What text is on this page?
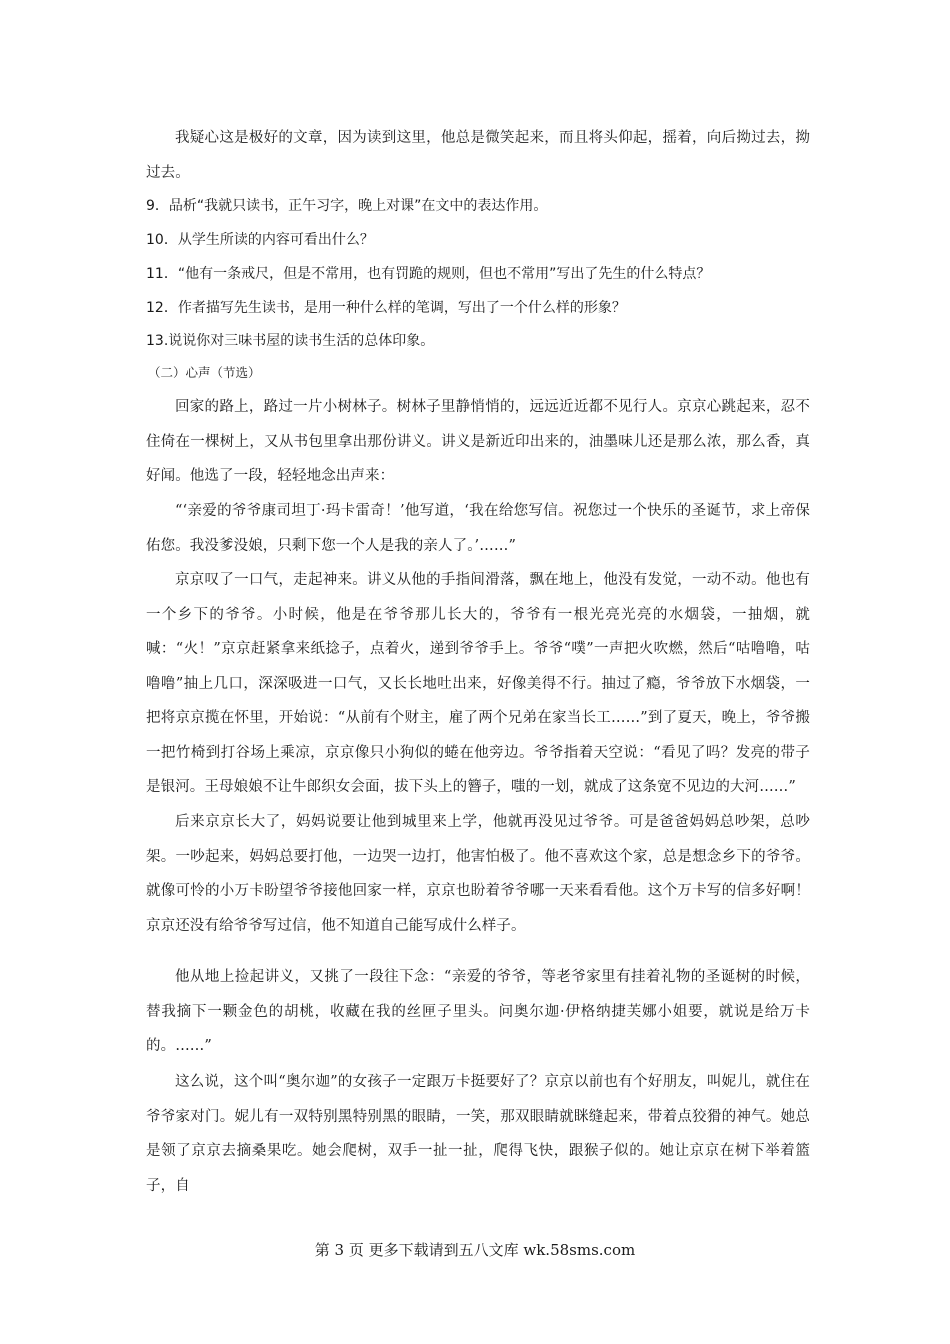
我疑心这是极好的文章，因为读到这里，他总是微笑起来，而且将头仰起，摇着，向后拗过去，拗过去。

9．品析“我就只读书，正午习字，晚上对课”在文中的表达作用。
10．从学生所读的内容可看出什么？
11．“他有一条戒尺，但是不常用，也有罚跪的规则，但也不常用”写出了先生的什么特点？
12．作者描写先生读书，是用一种什么样的笔调，写出了一个什么样的形象？
13.说说你对三味书屋的读书生活的总体印象。
（二）心声（节选）

回家的路上，路过一片小树林子。树林子里静悄悄的，远远近近都不见行人。京京心跳起来，忍不住倚在一棵树上，又从书包里拿出那份讲义。讲义是新近印出来的，油墨味儿还是那么浓，那么香，真好闻。他选了一段，轻轻地念出声来：

“‘亲爱的爷爷康司坦丁·玛卡雷奇！’他写道，‘我在给您写信。祝您过一个快乐的圣诞节，求上帝保佑您。我没爹没娘，只剩下您一个人是我的亲人了。’……”

京京叹了一口气，走起神来。讲义从他的手指间滑落，飘在地上，他没有发觉，一动不动。他也有一个乡下的爷爷。小时候，他是在爷爷那儿长大的，爷爷有一根光亮光亮的水烟袋，一抽烟，就喊：“火！”京京赶紧拿来纸捻子，点着火，递到爷爷手上。爷爷“噗”一声把火吹燃，然后“咕噜噜，咕噜噜”抽上几口，深深吸进一口气，又长长地吐出来，好像美得不行。抽过了瘾，爷爷放下水烟袋，一把将京京揽在怀里，开始说：“从前有个财主，雇了两个兄弟在家当长工……”到了夏天，晚上，爷爷搬一把竹椅到打谷场上乘凉，京京像只小狗似的蜷在他旁边。爷爷指着天空说：“看见了吗？发亮的带子是银河。王母娘娘不让牛郎织女会面，拔下头上的簪子，嗤的一划，就成了这条宽不见边的大河……”

后来京京长大了，妈妈说要让他到城里来上学，他就再没见过爷爷。可是爸爸妈妈总吵架，总吵架。一吵起来，妈妈总要打他，一边哭一边打，他害怕极了。他不喜欢这个家，总是想念乡下的爷爷。就像可怜的小万卡盼望爷爷接他回家一样，京京也盼着爷爷哪一天来看看他。这个万卡写的信多好啊！京京还没有给爷爷写过信，他不知道自己能写成什么样子。

他从地上捡起讲义，又挑了一段往下念：“亲爱的爷爷，等老爷家里有挂着礼物的圣诞树的时候，替我摘下一颗金色的胡桃，收藏在我的丝匣子里头。问奥尔迦·伊格纳捷芙娜小姐要，就说是给万卡的。……”

这么说，这个叫“奥尔迦”的女孩子一定跟万卡挺要好了？京京以前也有个好朋友，叫妮儿，就住在爷爷家对门。妮儿有一双特别黑特别黑的眼睛，一笑，那双眼睛就眯缝起来，带着点狡猾的神气。她总是领了京京去摘桑果吃。她会爬树，双手一扯一扯，爬得飞快，跟猴子似的。她让京京在树下举着篮子，自

第 3 页 更多下载请到五八文库 wk.58sms.com
